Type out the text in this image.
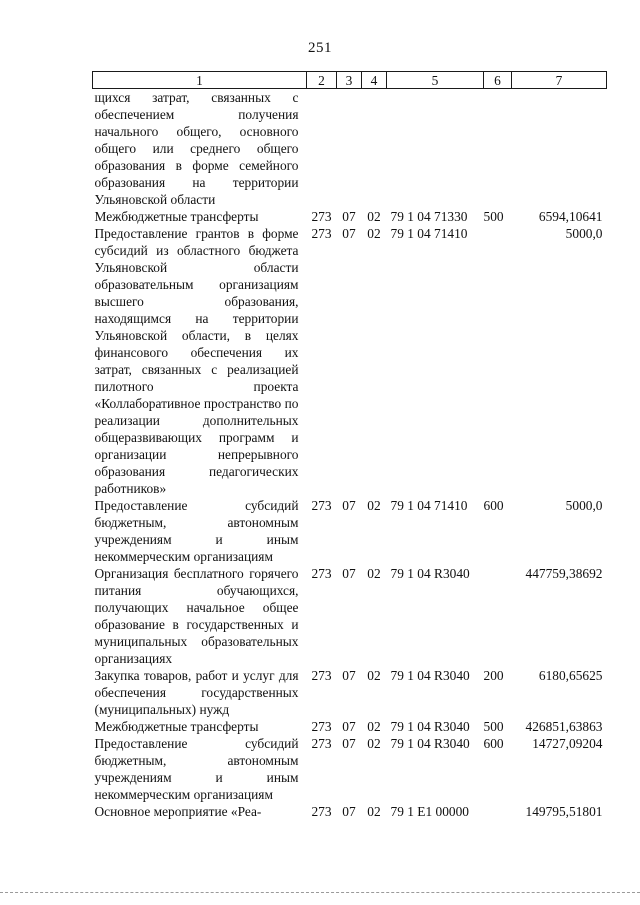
251
1	2	3	4	5	6	7
щихся затрат, связанных с обеспечением получения начального общего, основного общего или среднего общего образования в форме семейного образования на территории Ульяновской области						
Межбюджетные трансферты	273	07	02	79 1 04 71330	500	6594,10641
Предоставление грантов в форме субсидий из областного бюджета Ульяновской области образовательным организациям высшего образования, находящимся на территории Ульяновской области, в целях финансового обеспечения их затрат, связанных с реализацией пилотного проекта «Коллаборативное пространство по реализации дополнительных общеразвивающих программ и организации непрерывного образования педагогических работников»	273	07	02	79 1 04 71410		5000,0
Предоставление субсидий бюджетным, автономным учреждениям и иным некоммерческим организациям	273	07	02	79 1 04 71410	600	5000,0
Организация бесплатного горячего питания обучающихся, получающих начальное общее образование в государственных и муниципальных образовательных организациях	273	07	02	79 1 04 R3040		447759,38692
Закупка товаров, работ и услуг для обеспечения государственных (муниципальных) нужд	273	07	02	79 1 04 R3040	200	6180,65625
Межбюджетные трансферты	273	07	02	79 1 04 R3040	500	426851,63863
Предоставление субсидий бюджетным, автономным учреждениям и иным некоммерческим организациям	273	07	02	79 1 04 R3040	600	14727,09204
Основное мероприятие «Реа-	273	07	02	79 1 E1 00000		149795,51801
